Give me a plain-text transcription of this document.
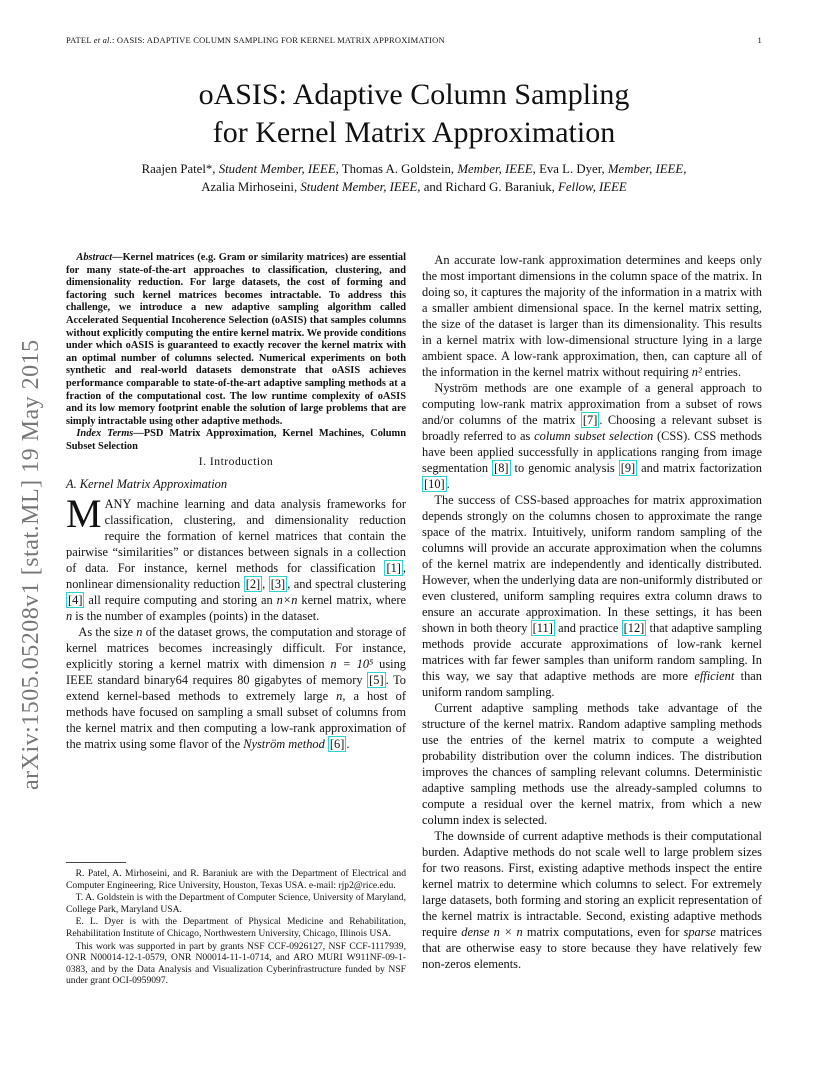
PATEL et al.: OASIS: ADAPTIVE COLUMN SAMPLING FOR KERNEL MATRIX APPROXIMATION	1
arXiv:1505.05208v1 [stat.ML] 19 May 2015
oASIS: Adaptive Column Sampling
for Kernel Matrix Approximation
Raajen Patel*, Student Member, IEEE, Thomas A. Goldstein, Member, IEEE, Eva L. Dyer, Member, IEEE,
Azalia Mirhoseini, Student Member, IEEE, and Richard G. Baraniuk, Fellow, IEEE

Abstract—Kernel matrices (e.g. Gram or similarity matrices) are essential for many state-of-the-art approaches to classification, clustering, and dimensionality reduction. For large datasets, the cost of forming and factoring such kernel matrices becomes intractable. To address this challenge, we introduce a new adaptive sampling algorithm called Accelerated Sequential Incoherence Selection (oASIS) that samples columns without explicitly computing the entire kernel matrix. We provide conditions under which oASIS is guaranteed to exactly recover the kernel matrix with an optimal number of columns selected. Numerical experiments on both synthetic and real-world datasets demonstrate that oASIS achieves performance comparable to state-of-the-art adaptive sampling methods at a fraction of the computational cost. The low runtime complexity of oASIS and its low memory footprint enable the solution of large problems that are simply intractable using other adaptive methods.

Index Terms—PSD Matrix Approximation, Kernel Machines, Column Subset Selection

I. Introduction
A. Kernel Matrix Approximation

MANY machine learning and data analysis frameworks for classification, clustering, and dimensionality reduction require the formation of kernel matrices that contain the pairwise “similarities” or distances between signals in a collection of data. For instance, kernel methods for classification [1] , nonlinear dimensionality reduction [2] , [3] , and spectral clustering [4] all require computing and storing an n×n kernel matrix, where n is the number of examples (points) in the dataset.

As the size n of the dataset grows, the computation and storage of kernel matrices becomes increasingly difficult. For instance, explicitly storing a kernel matrix with dimension n = 10⁵ using IEEE standard binary64 requires 80 gigabytes of memory [5] . To extend kernel-based methods to extremely large n, a host of methods have focused on sampling a small subset of columns from the kernel matrix and then computing a low-rank approximation of the matrix using some flavor of the Nyström method [6] .

R. Patel, A. Mirhoseini, and R. Baraniuk are with the Department of Electrical and Computer Engineering, Rice University, Houston, Texas USA. e-mail: rjp2@rice.edu.

T. A. Goldstein is with the Department of Computer Science, University of Maryland, College Park, Maryland USA.

E. L. Dyer is with the Department of Physical Medicine and Rehabilitation, Rehabilitation Institute of Chicago, Northwestern University, Chicago, Illinois USA.

This work was supported in part by grants NSF CCF-0926127, NSF CCF-1117939, ONR N00014-12-1-0579, ONR N00014-11-1-0714, and ARO MURI W911NF-09-1-0383, and by the Data Analysis and Visualization Cyberinfrastructure funded by NSF under grant OCI-0959097.

An accurate low-rank approximation determines and keeps only the most important dimensions in the column space of the matrix. In doing so, it captures the majority of the information in a matrix with a smaller ambient dimensional space. In the kernel matrix setting, the size of the dataset is larger than its dimensionality. This results in a kernel matrix with low-dimensional structure lying in a large ambient space. A low-rank approximation, then, can capture all of the information in the kernel matrix without requiring n² entries.

Nyström methods are one example of a general approach to computing low-rank matrix approximation from a subset of rows and/or columns of the matrix [7] . Choosing a relevant subset is broadly referred to as column subset selection (CSS). CSS methods have been applied successfully in applications ranging from image segmentation [8] to genomic analysis [9] and matrix factorization [10] .

The success of CSS-based approaches for matrix approximation depends strongly on the columns chosen to approximate the range space of the matrix. Intuitively, uniform random sampling of the columns will provide an accurate approximation when the columns of the kernel matrix are independently and identically distributed. However, when the underlying data are non-uniformly distributed or even clustered, uniform sampling requires extra column draws to ensure an accurate approximation. In these settings, it has been shown in both theory [11] and practice [12] that adaptive sampling methods provide accurate approximations of low-rank kernel matrices with far fewer samples than uniform random sampling. In this way, we say that adaptive methods are more efficient than uniform random sampling.

Current adaptive sampling methods take advantage of the structure of the kernel matrix. Random adaptive sampling methods use the entries of the kernel matrix to compute a weighted probability distribution over the column indices. The distribution improves the chances of sampling relevant columns. Deterministic adaptive sampling methods use the already-sampled columns to compute a residual over the kernel matrix, from which a new column index is selected.

The downside of current adaptive methods is their computational burden. Adaptive methods do not scale well to large problem sizes for two reasons. First, existing adaptive methods inspect the entire kernel matrix to determine which columns to select. For extremely large datasets, both forming and storing an explicit representation of the kernel matrix is intractable. Second, existing adaptive methods require dense n × n matrix computations, even for sparse matrices that are otherwise easy to store because they have relatively few non-zeros elements.
